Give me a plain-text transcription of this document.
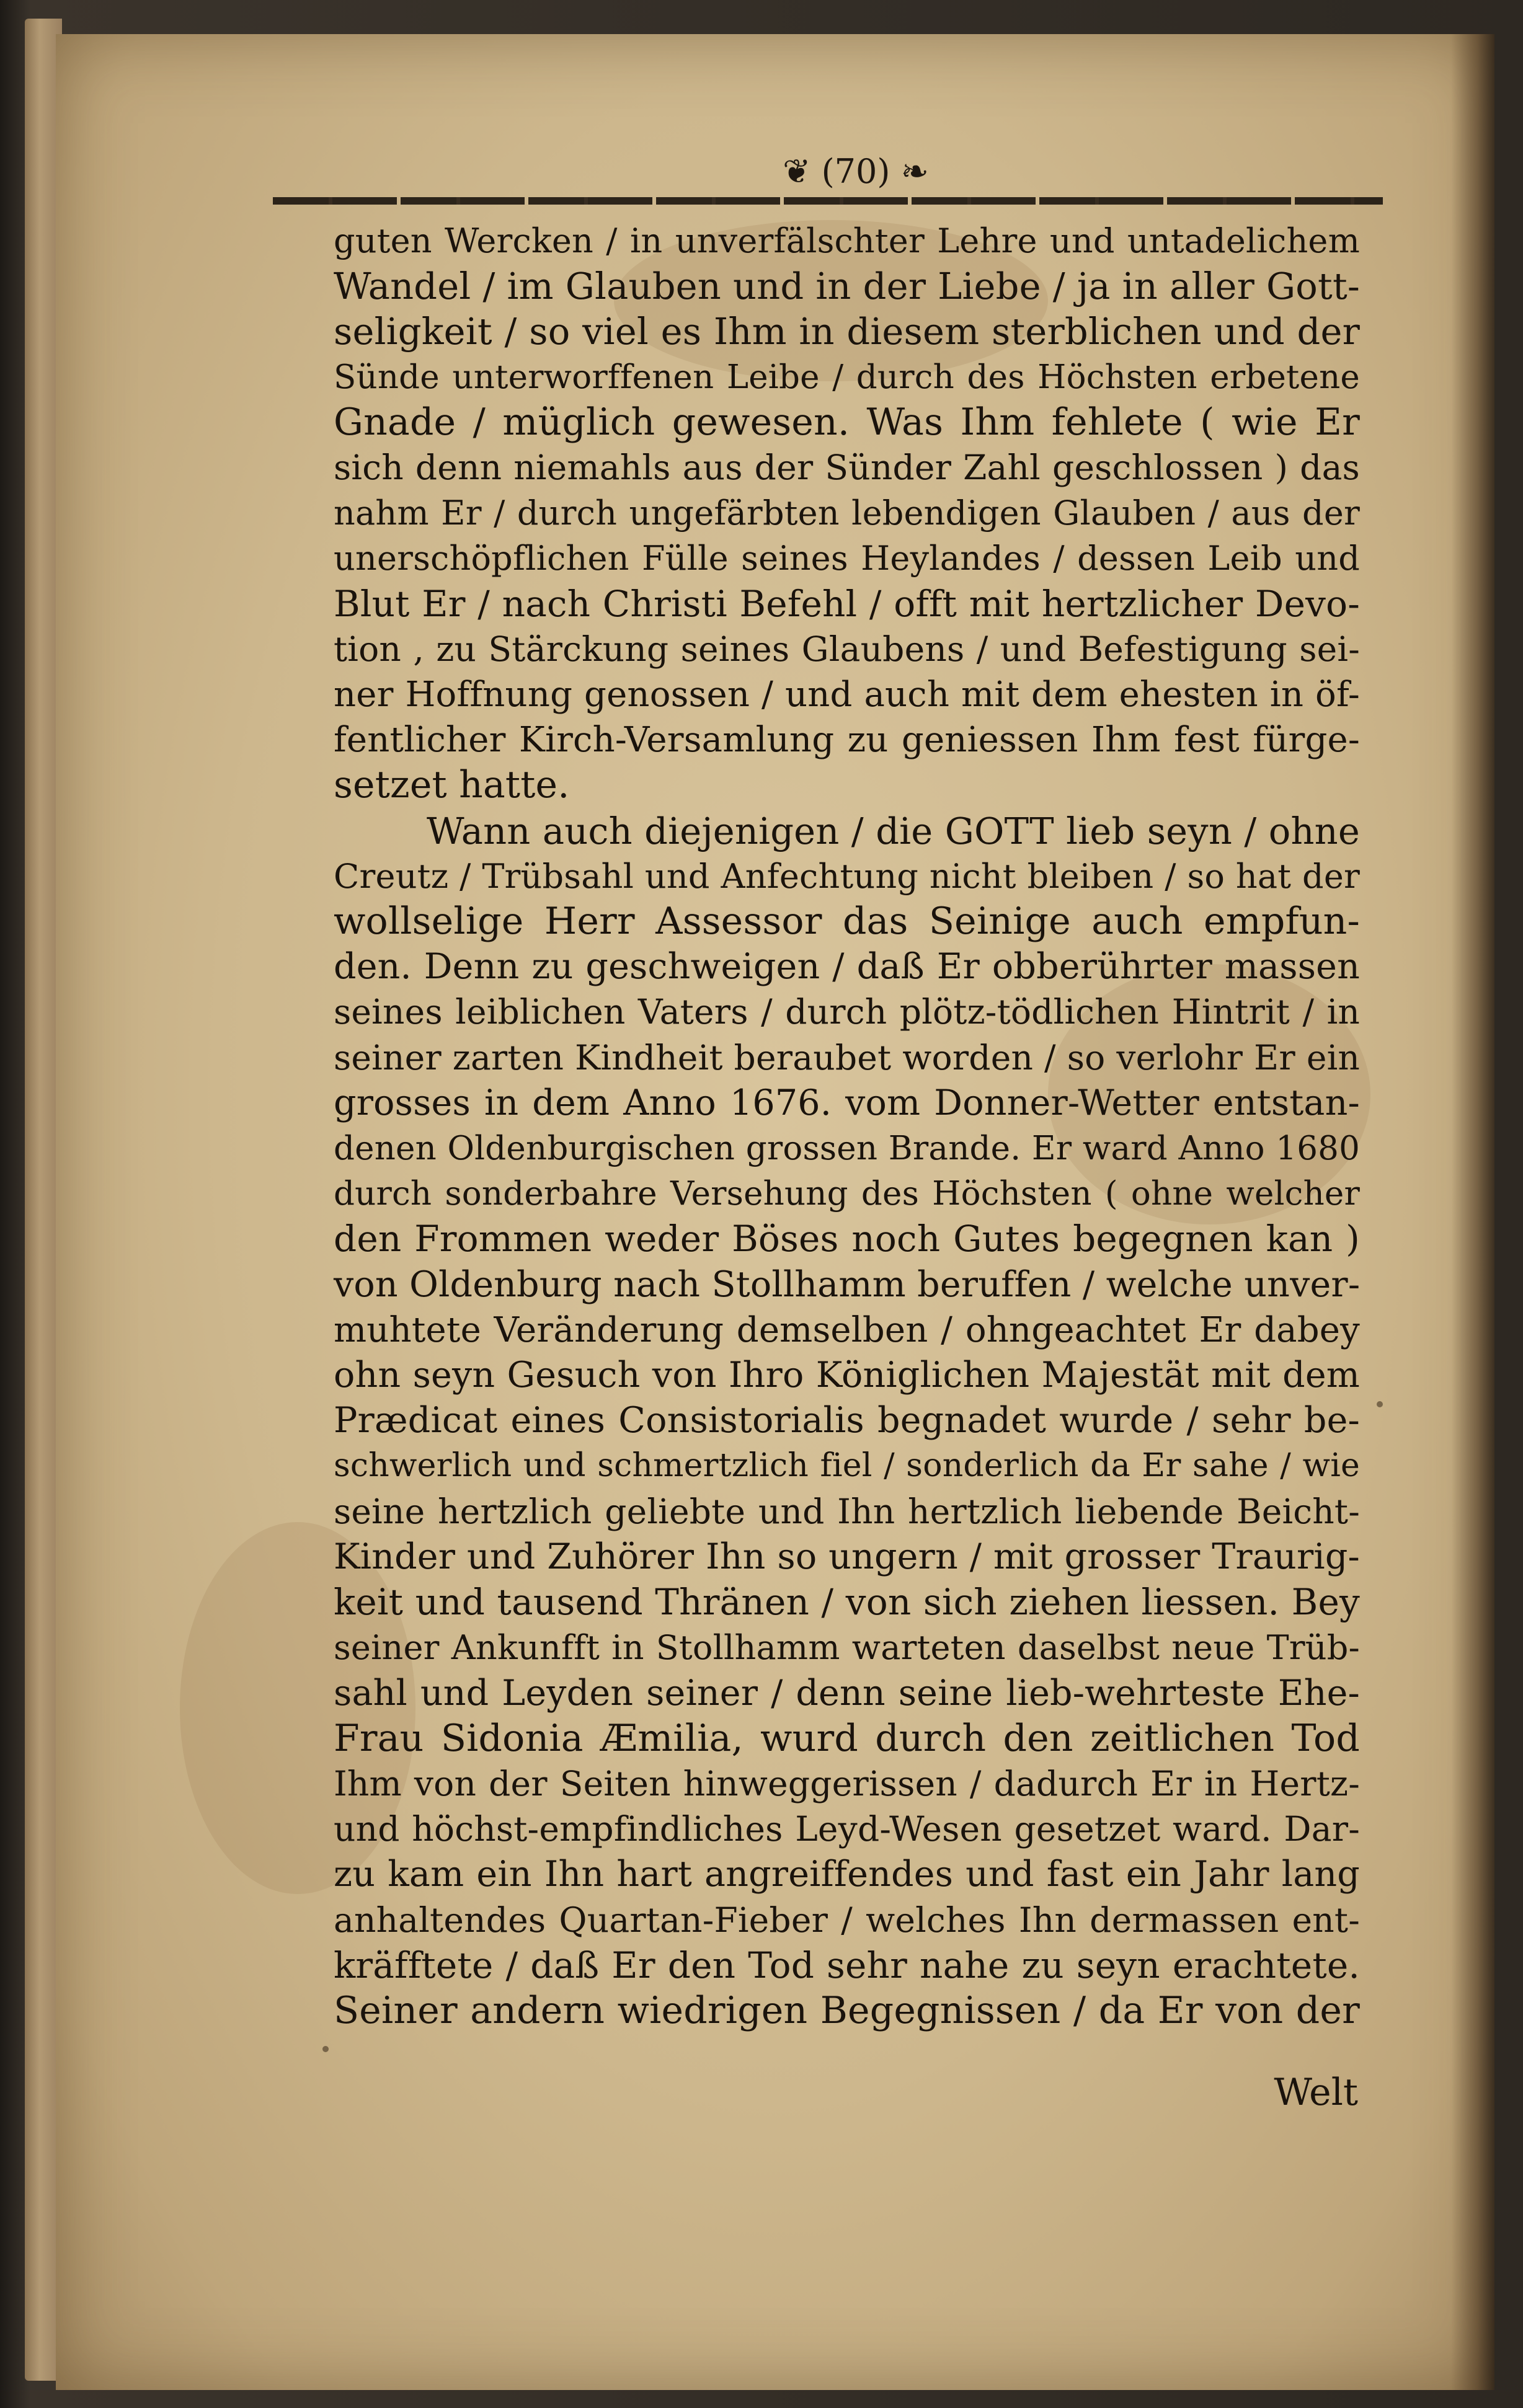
❦ (70) ❧
guten Wercken / in unverfälschter Lehre und untadelichem
Wandel / im Glauben und in der Liebe / ja in aller Gott-
seligkeit / so viel es Ihm in diesem sterblichen und der
Sünde unterworffenen Leibe / durch des Höchsten erbetene
Gnade / müglich gewesen. Was Ihm fehlete ( wie Er
sich denn niemahls aus der Sünder Zahl geschlossen ) das
nahm Er / durch ungefärbten lebendigen Glauben / aus der
unerschöpflichen Fülle seines Heylandes / dessen Leib und
Blut Er / nach Christi Befehl / offt mit hertzlicher Devo-
tion , zu Stärckung seines Glaubens / und Befestigung sei-
ner Hoffnung genossen / und auch mit dem ehesten in öf-
fentlicher Kirch-Versamlung zu geniessen Ihm fest fürge-
setzet hatte.
Wann auch diejenigen / die GOTT lieb seyn / ohne
Creutz / Trübsahl und Anfechtung nicht bleiben / so hat der
wollselige Herr Assessor das Seinige auch empfun-
den. Denn zu geschweigen / daß Er obberührter massen
seines leiblichen Vaters / durch plötz-tödlichen Hintrit / in
seiner zarten Kindheit beraubet worden / so verlohr Er ein
grosses in dem Anno 1676. vom Donner-Wetter entstan-
denen Oldenburgischen grossen Brande. Er ward Anno 1680
durch sonderbahre Versehung des Höchsten ( ohne welcher
den Frommen weder Böses noch Gutes begegnen kan )
von Oldenburg nach Stollhamm beruffen / welche unver-
muhtete Veränderung demselben / ohngeachtet Er dabey
ohn seyn Gesuch von Ihro Königlichen Majestät mit dem
Prædicat eines Consistorialis begnadet wurde / sehr be-
schwerlich und schmertzlich fiel / sonderlich da Er sahe / wie
seine hertzlich geliebte und Ihn hertzlich liebende Beicht-
Kinder und Zuhörer Ihn so ungern / mit grosser Traurig-
keit und tausend Thränen / von sich ziehen liessen. Bey
seiner Ankunfft in Stollhamm warteten daselbst neue Trüb-
sahl und Leyden seiner / denn seine lieb-wehrteste Ehe-
Frau Sidonia Æmilia, wurd durch den zeitlichen Tod
Ihm von der Seiten hinweggerissen / dadurch Er in Hertz-
und höchst-empfindliches Leyd-Wesen gesetzet ward. Dar-
zu kam ein Ihn hart angreiffendes und fast ein Jahr lang
anhaltendes Quartan-Fieber / welches Ihn dermassen ent-
kräfftete / daß Er den Tod sehr nahe zu seyn erachtete.
Seiner andern wiedrigen Begegnissen / da Er von der
Welt
